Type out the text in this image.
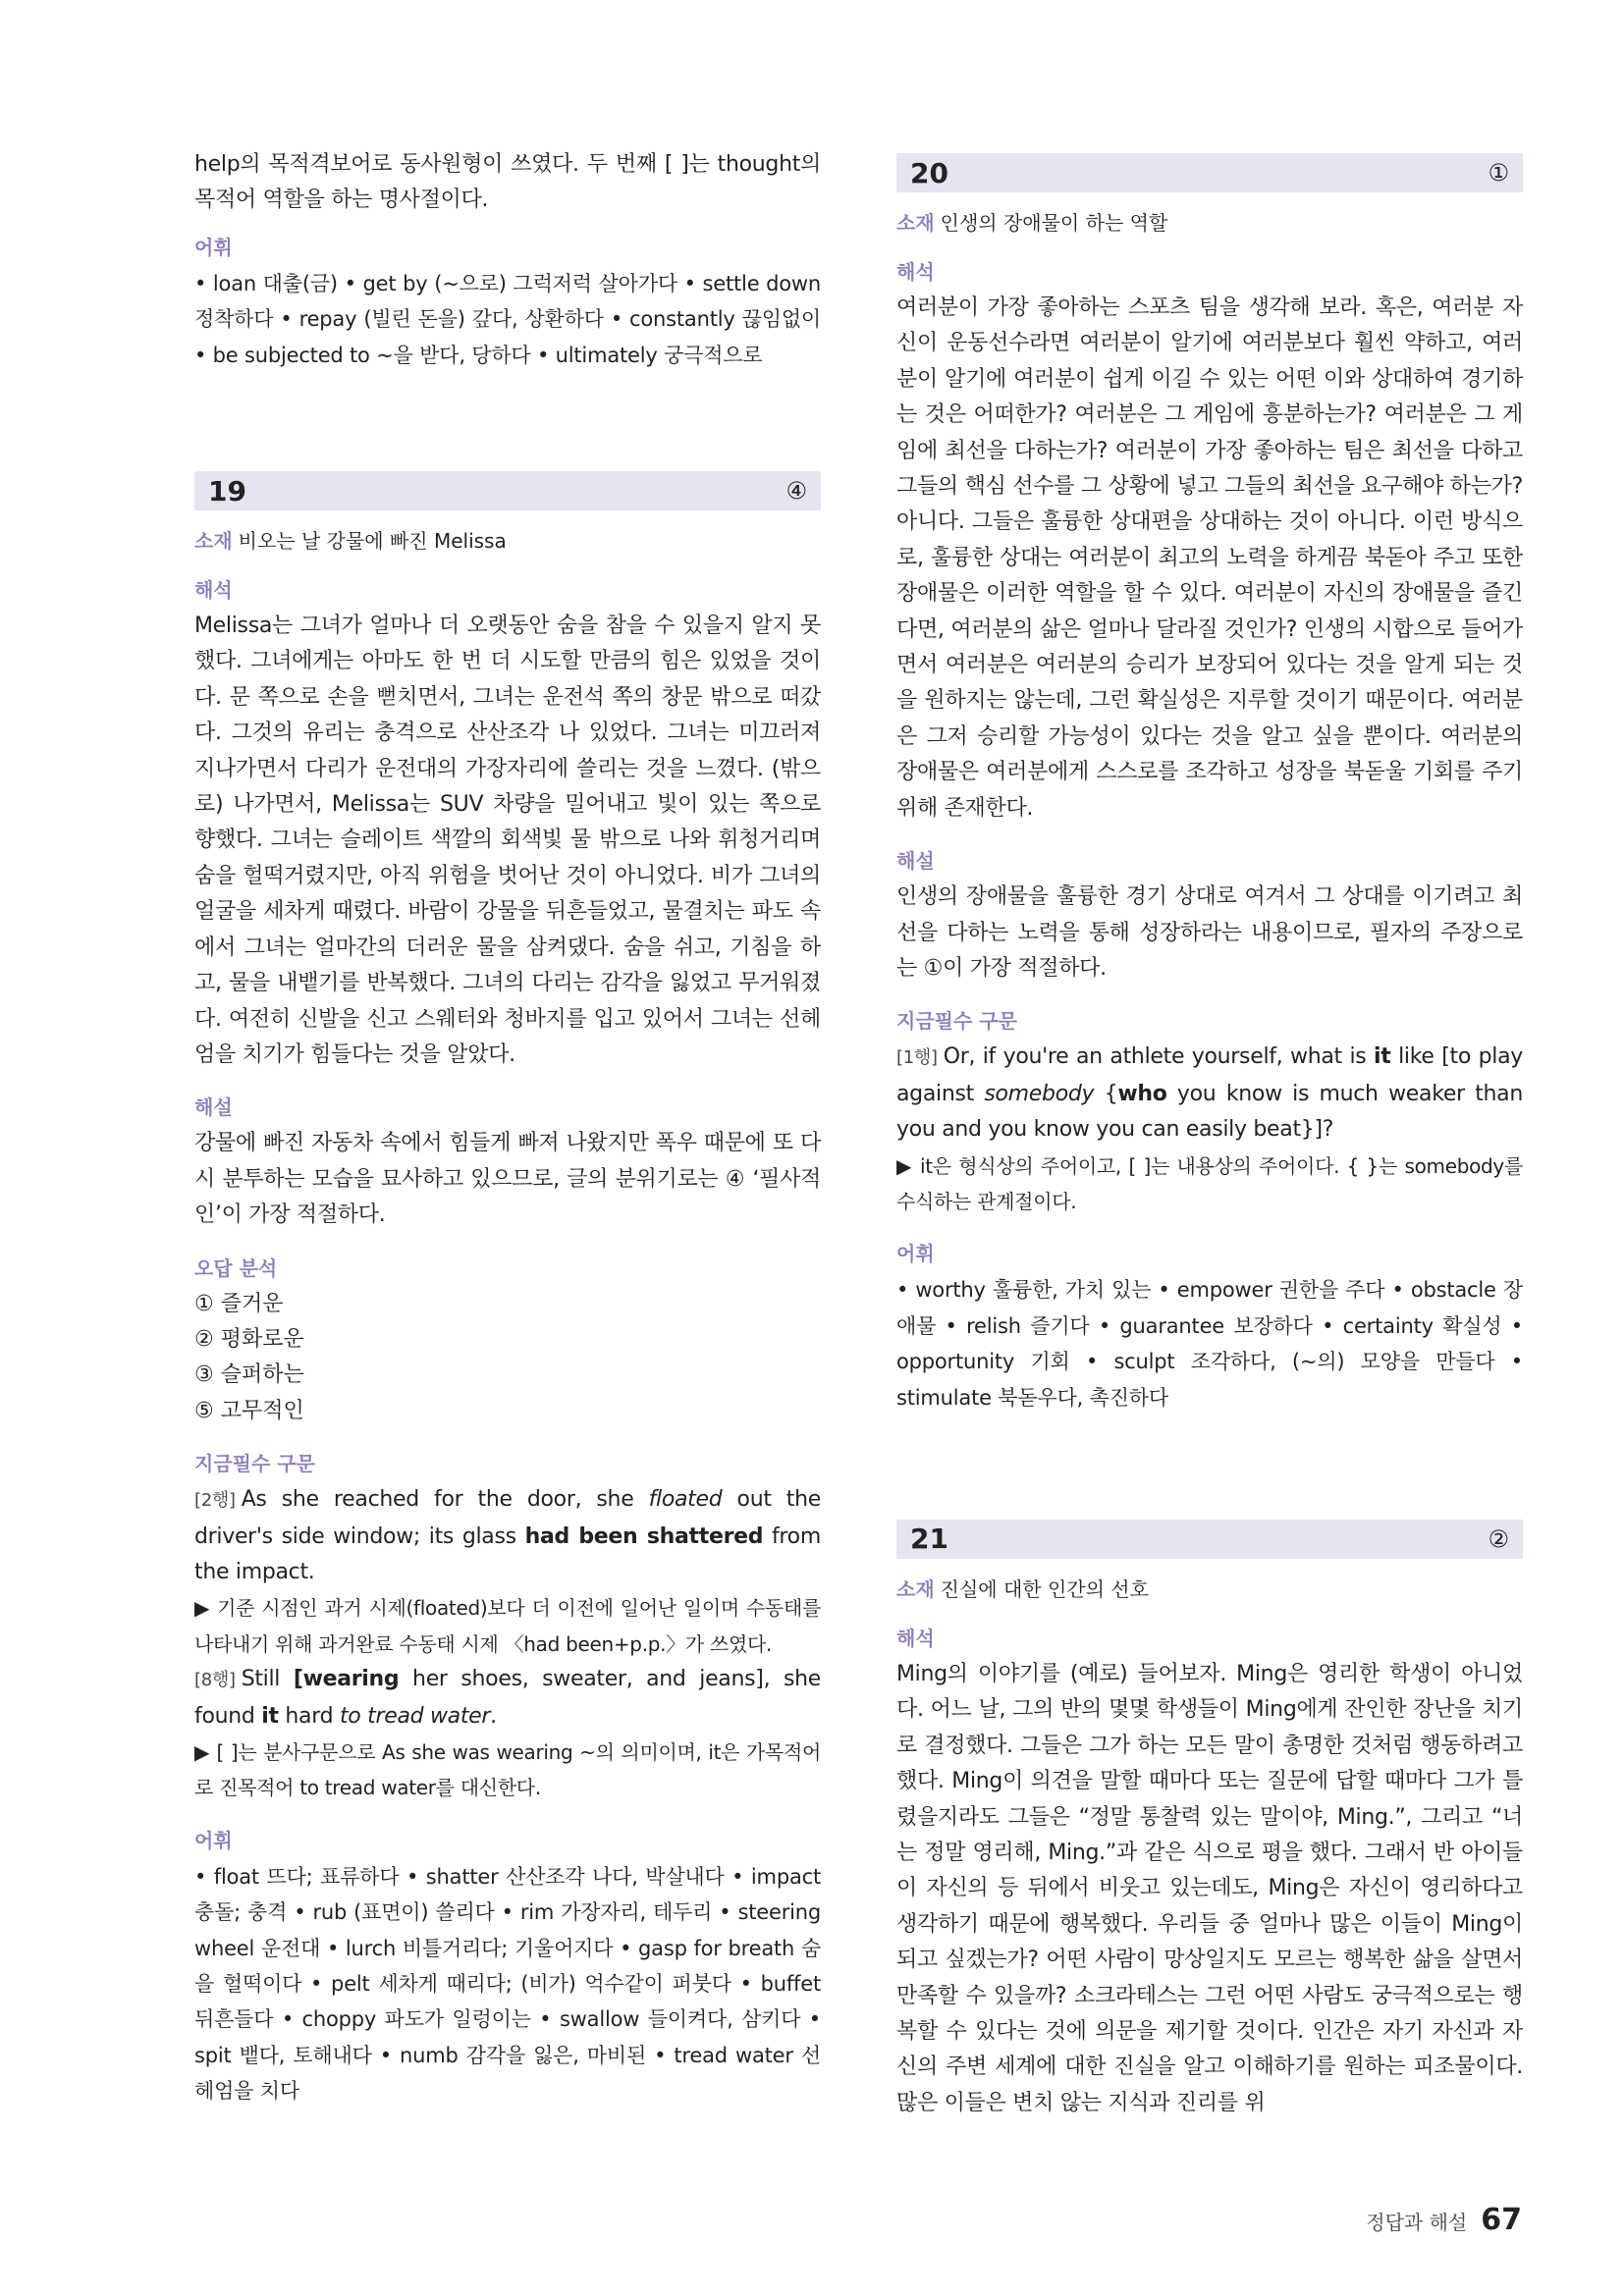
help의 목적격보어로 동사원형이 쓰였다. 두 번째 [ ]는 thought의 목적어 역할을 하는 명사절이다.

어휘

• loan 대출(금) • get by (~으로) 그럭저럭 살아가다 • settle down 정착하다 • repay (빌린 돈을) 갚다, 상환하다 • constantly 끊임없이 • be subjected to ~을 받다, 당하다 • ultimately 궁극적으로

19	④
소재 비오는 날 강물에 빠진 Melissa
해석

Melissa는 그녀가 얼마나 더 오랫동안 숨을 참을 수 있을지 알지 못했다. 그녀에게는 아마도 한 번 더 시도할 만큼의 힘은 있었을 것이다. 문 쪽으로 손을 뻗치면서, 그녀는 운전석 쪽의 창문 밖으로 떠갔다. 그것의 유리는 충격으로 산산조각 나 있었다. 그녀는 미끄러져 지나가면서 다리가 운전대의 가장자리에 쓸리는 것을 느꼈다. (밖으로) 나가면서, Melissa는 SUV 차량을 밀어내고 빛이 있는 쪽으로 향했다. 그녀는 슬레이트 색깔의 회색빛 물 밖으로 나와 휘청거리며 숨을 헐떡거렸지만, 아직 위험을 벗어난 것이 아니었다. 비가 그녀의 얼굴을 세차게 때렸다. 바람이 강물을 뒤흔들었고, 물결치는 파도 속에서 그녀는 얼마간의 더러운 물을 삼켜댔다. 숨을 쉬고, 기침을 하고, 물을 내뱉기를 반복했다. 그녀의 다리는 감각을 잃었고 무거워졌다. 여전히 신발을 신고 스웨터와 청바지를 입고 있어서 그녀는 선헤엄을 치기가 힘들다는 것을 알았다.

해설

강물에 빠진 자동차 속에서 힘들게 빠져 나왔지만 폭우 때문에 또 다시 분투하는 모습을 묘사하고 있으므로, 글의 분위기로는 ④ ‘필사적인’이 가장 적절하다.

오답 분석
① 즐거운
② 평화로운
③ 슬퍼하는
⑤ 고무적인
지금필수 구문

[2행] As she reached for the door, she floated out the driver's side window; its glass had been shattered from the impact.

▶ 기준 시점인 과거 시제(floated)보다 더 이전에 일어난 일이며 수동태를 나타내기 위해 과거완료 수동태 시제 〈had been+p.p.〉가 쓰였다.

[8행] Still [wearing her shoes, sweater, and jeans], she found it hard to tread water.

▶ [ ]는 분사구문으로 As she was wearing ~의 의미이며, it은 가목적어로 진목적어 to tread water를 대신한다.

어휘

• float 뜨다; 표류하다 • shatter 산산조각 나다, 박살내다 • impact 충돌; 충격 • rub (표면이) 쓸리다 • rim 가장자리, 테두리 • steering wheel 운전대 • lurch 비틀거리다; 기울어지다 • gasp for breath 숨을 헐떡이다 • pelt 세차게 때리다; (비가) 억수같이 퍼붓다 • buffet 뒤흔들다 • choppy 파도가 일렁이는 • swallow 들이켜다, 삼키다 • spit 뱉다, 토해내다 • numb 감각을 잃은, 마비된 • tread water 선헤엄을 치다

20	①
소재 인생의 장애물이 하는 역할
해석

여러분이 가장 좋아하는 스포츠 팀을 생각해 보라. 혹은, 여러분 자신이 운동선수라면 여러분이 알기에 여러분보다 훨씬 약하고, 여러분이 알기에 여러분이 쉽게 이길 수 있는 어떤 이와 상대하여 경기하는 것은 어떠한가? 여러분은 그 게임에 흥분하는가? 여러분은 그 게임에 최선을 다하는가? 여러분이 가장 좋아하는 팀은 최선을 다하고 그들의 핵심 선수를 그 상황에 넣고 그들의 최선을 요구해야 하는가? 아니다. 그들은 훌륭한 상대편을 상대하는 것이 아니다. 이런 방식으로, 훌륭한 상대는 여러분이 최고의 노력을 하게끔 북돋아 주고 또한 장애물은 이러한 역할을 할 수 있다. 여러분이 자신의 장애물을 즐긴다면, 여러분의 삶은 얼마나 달라질 것인가? 인생의 시합으로 들어가면서 여러분은 여러분의 승리가 보장되어 있다는 것을 알게 되는 것을 원하지는 않는데, 그런 확실성은 지루할 것이기 때문이다. 여러분은 그저 승리할 가능성이 있다는 것을 알고 싶을 뿐이다. 여러분의 장애물은 여러분에게 스스로를 조각하고 성장을 북돋울 기회를 주기 위해 존재한다.

해설

인생의 장애물을 훌륭한 경기 상대로 여겨서 그 상대를 이기려고 최선을 다하는 노력을 통해 성장하라는 내용이므로, 필자의 주장으로는 ①이 가장 적절하다.

지금필수 구문

[1행] Or, if you're an athlete yourself, what is it like [to play against somebody {who you know is much weaker than you and you know you can easily beat}]?

▶ it은 형식상의 주어이고, [ ]는 내용상의 주어이다. { }는 somebody를 수식하는 관계절이다.

어휘

• worthy 훌륭한, 가치 있는 • empower 권한을 주다 • obstacle 장애물 • relish 즐기다 • guarantee 보장하다 • certainty 확실성 • opportunity 기회 • sculpt 조각하다, (~의) 모양을 만들다 • stimulate 북돋우다, 촉진하다

21	②
소재 진실에 대한 인간의 선호
해석

Ming의 이야기를 (예로) 들어보자. Ming은 영리한 학생이 아니었다. 어느 날, 그의 반의 몇몇 학생들이 Ming에게 잔인한 장난을 치기로 결정했다. 그들은 그가 하는 모든 말이 총명한 것처럼 행동하려고 했다. Ming이 의견을 말할 때마다 또는 질문에 답할 때마다 그가 틀렸을지라도 그들은 “정말 통찰력 있는 말이야, Ming.”, 그리고 “너는 정말 영리해, Ming.”과 같은 식으로 평을 했다. 그래서 반 아이들이 자신의 등 뒤에서 비웃고 있는데도, Ming은 자신이 영리하다고 생각하기 때문에 행복했다. 우리들 중 얼마나 많은 이들이 Ming이 되고 싶겠는가? 어떤 사람이 망상일지도 모르는 행복한 삶을 살면서 만족할 수 있을까? 소크라테스는 그런 어떤 사람도 궁극적으로는 행복할 수 있다는 것에 의문을 제기할 것이다. 인간은 자기 자신과 자신의 주변 세계에 대한 진실을 알고 이해하기를 원하는 피조물이다. 많은 이들은 변치 않는 지식과 진리를 위

정답과 해설 67
